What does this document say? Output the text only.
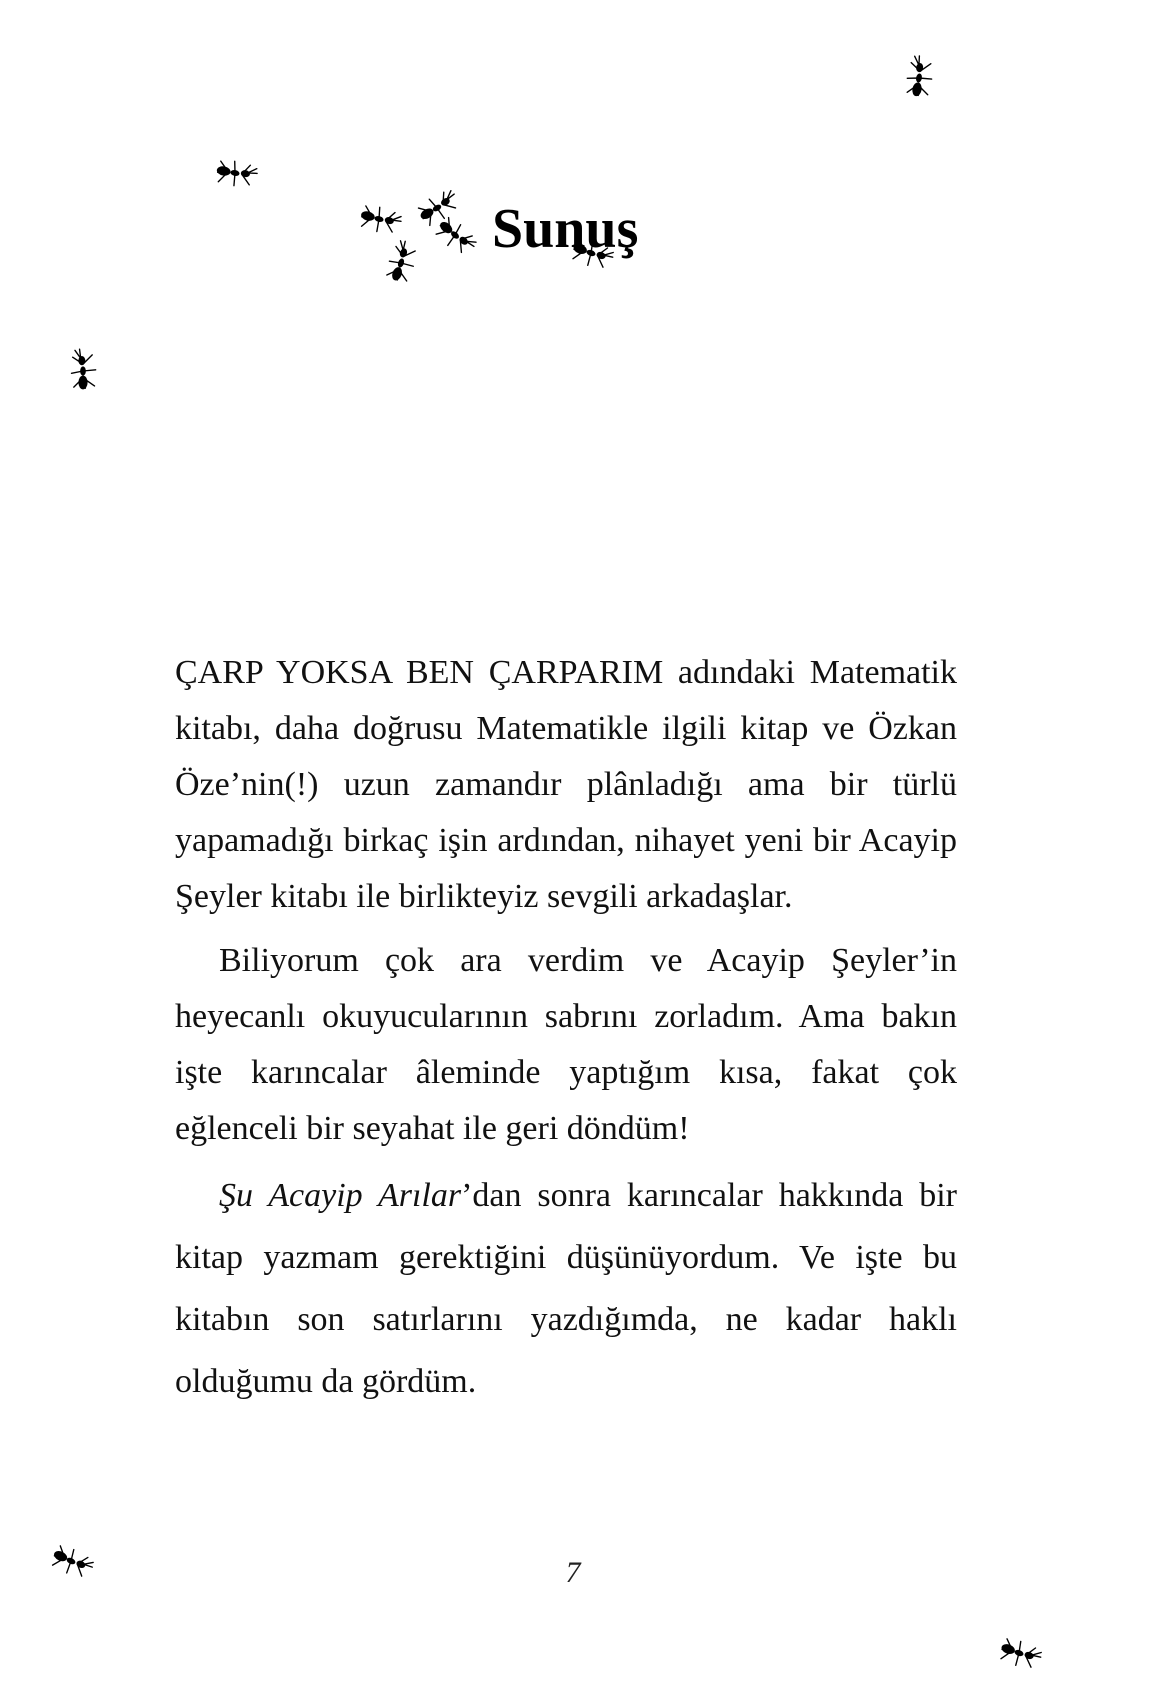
Sunuş

ÇARP YOKSA BEN ÇARPARIM adındaki Matematik kitabı, daha doğrusu Matematikle ilgili kitap ve Özkan Öze’nin(!) uzun zamandır plânladığı ama bir türlü yapamadığı birkaç işin ardından, nihayet yeni bir Acayip Şeyler kitabı ile birlikteyiz sevgili arkadaşlar.

Biliyorum çok ara verdim ve Acayip Şeyler’in heyecanlı okuyucularının sabrını zorladım. Ama bakın işte karıncalar âleminde yaptığım kısa, fakat çok eğlenceli bir seyahat ile geri döndüm!

Şu Acayip Arılar’dan sonra karıncalar hakkında bir kitap yazmam gerektiğini düşünüyordum. Ve işte bu kitabın son satırlarını yazdığımda, ne kadar haklı olduğumu da gördüm.

7
